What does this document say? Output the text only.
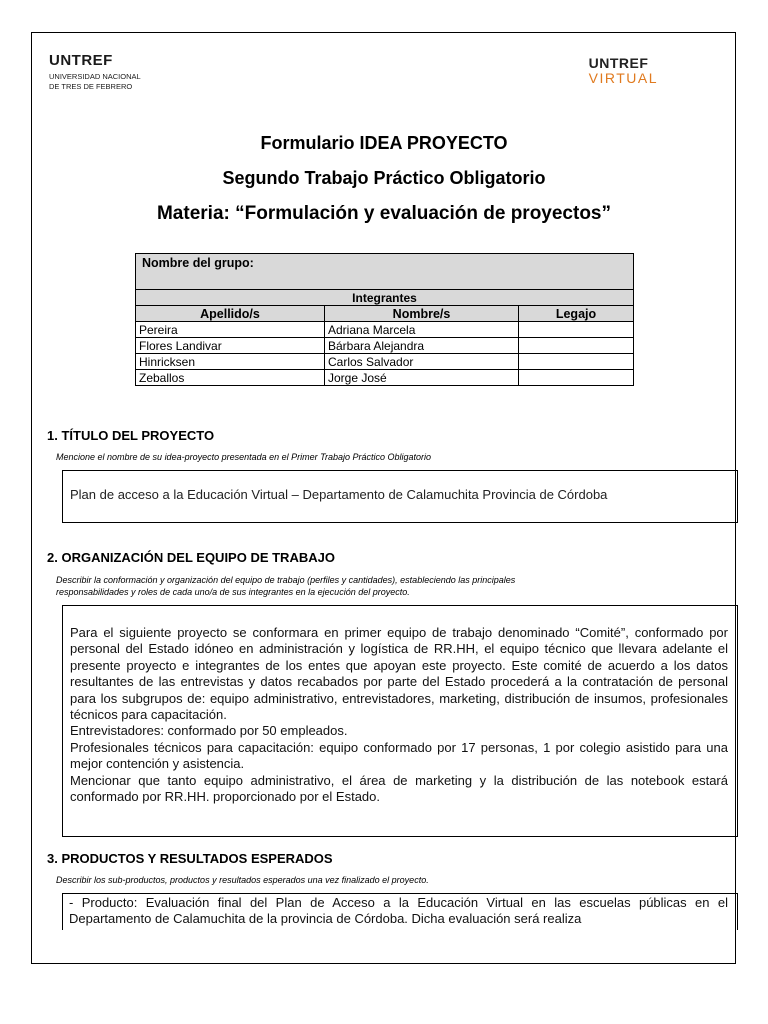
UNTREF
UNIVERSIDAD NACIONAL
DE TRES DE FEBRERO
UNTREF
VIRTUAL
Formulario IDEA PROYECTO
Segundo Trabajo Práctico Obligatorio
Materia: “Formulación y evaluación de proyectos”
Nombre del grupo:		
Integrantes		
Apellido/s	Nombre/s	Legajo
Pereira	Adriana Marcela	
Flores Landivar	Bárbara Alejandra	
Hinricksen	Carlos Salvador	
Zeballos	Jorge José	
1. TÍTULO DEL PROYECTO
Mencione el nombre de su idea-proyecto presentada en el Primer Trabajo Práctico Obligatorio
Plan de acceso a la Educación Virtual – Departamento de Calamuchita Provincia de Córdoba
2. ORGANIZACIÓN DEL EQUIPO DE TRABAJO
Describir la conformación y organización del equipo de trabajo (perfiles y cantidades), estableciendo las principales
responsabilidades y roles de cada uno/a de sus integrantes en la ejecución del proyecto.

Para el siguiente proyecto se conformara en primer equipo de trabajo denominado “Comité”, conformado por personal del Estado idóneo en administración y logística de RR.HH, el equipo técnico que llevara adelante el presente proyecto e integrantes de los entes que apoyan este proyecto. Este comité de acuerdo a los datos resultantes de las entrevistas y datos recabados por parte del Estado procederá a la contratación de personal para los subgrupos de: equipo administrativo, entrevistadores, marketing, distribución de insumos, profesionales técnicos para capacitación.

Entrevistadores: conformado por 50 empleados.

Profesionales técnicos para capacitación: equipo conformado por 17 personas, 1 por colegio asistido para una mejor contención y asistencia.

Mencionar que tanto equipo administrativo, el área de marketing y la distribución de las notebook estará conformado por RR.HH. proporcionado por el Estado.

3. PRODUCTOS Y RESULTADOS ESPERADOS
Describir los sub-productos, productos y resultados esperados una vez finalizado el proyecto.

- Producto: Evaluación final del Plan de Acceso a la Educación Virtual en las escuelas públicas en el Departamento de Calamuchita de la provincia de Córdoba. Dicha evaluación será realiza
